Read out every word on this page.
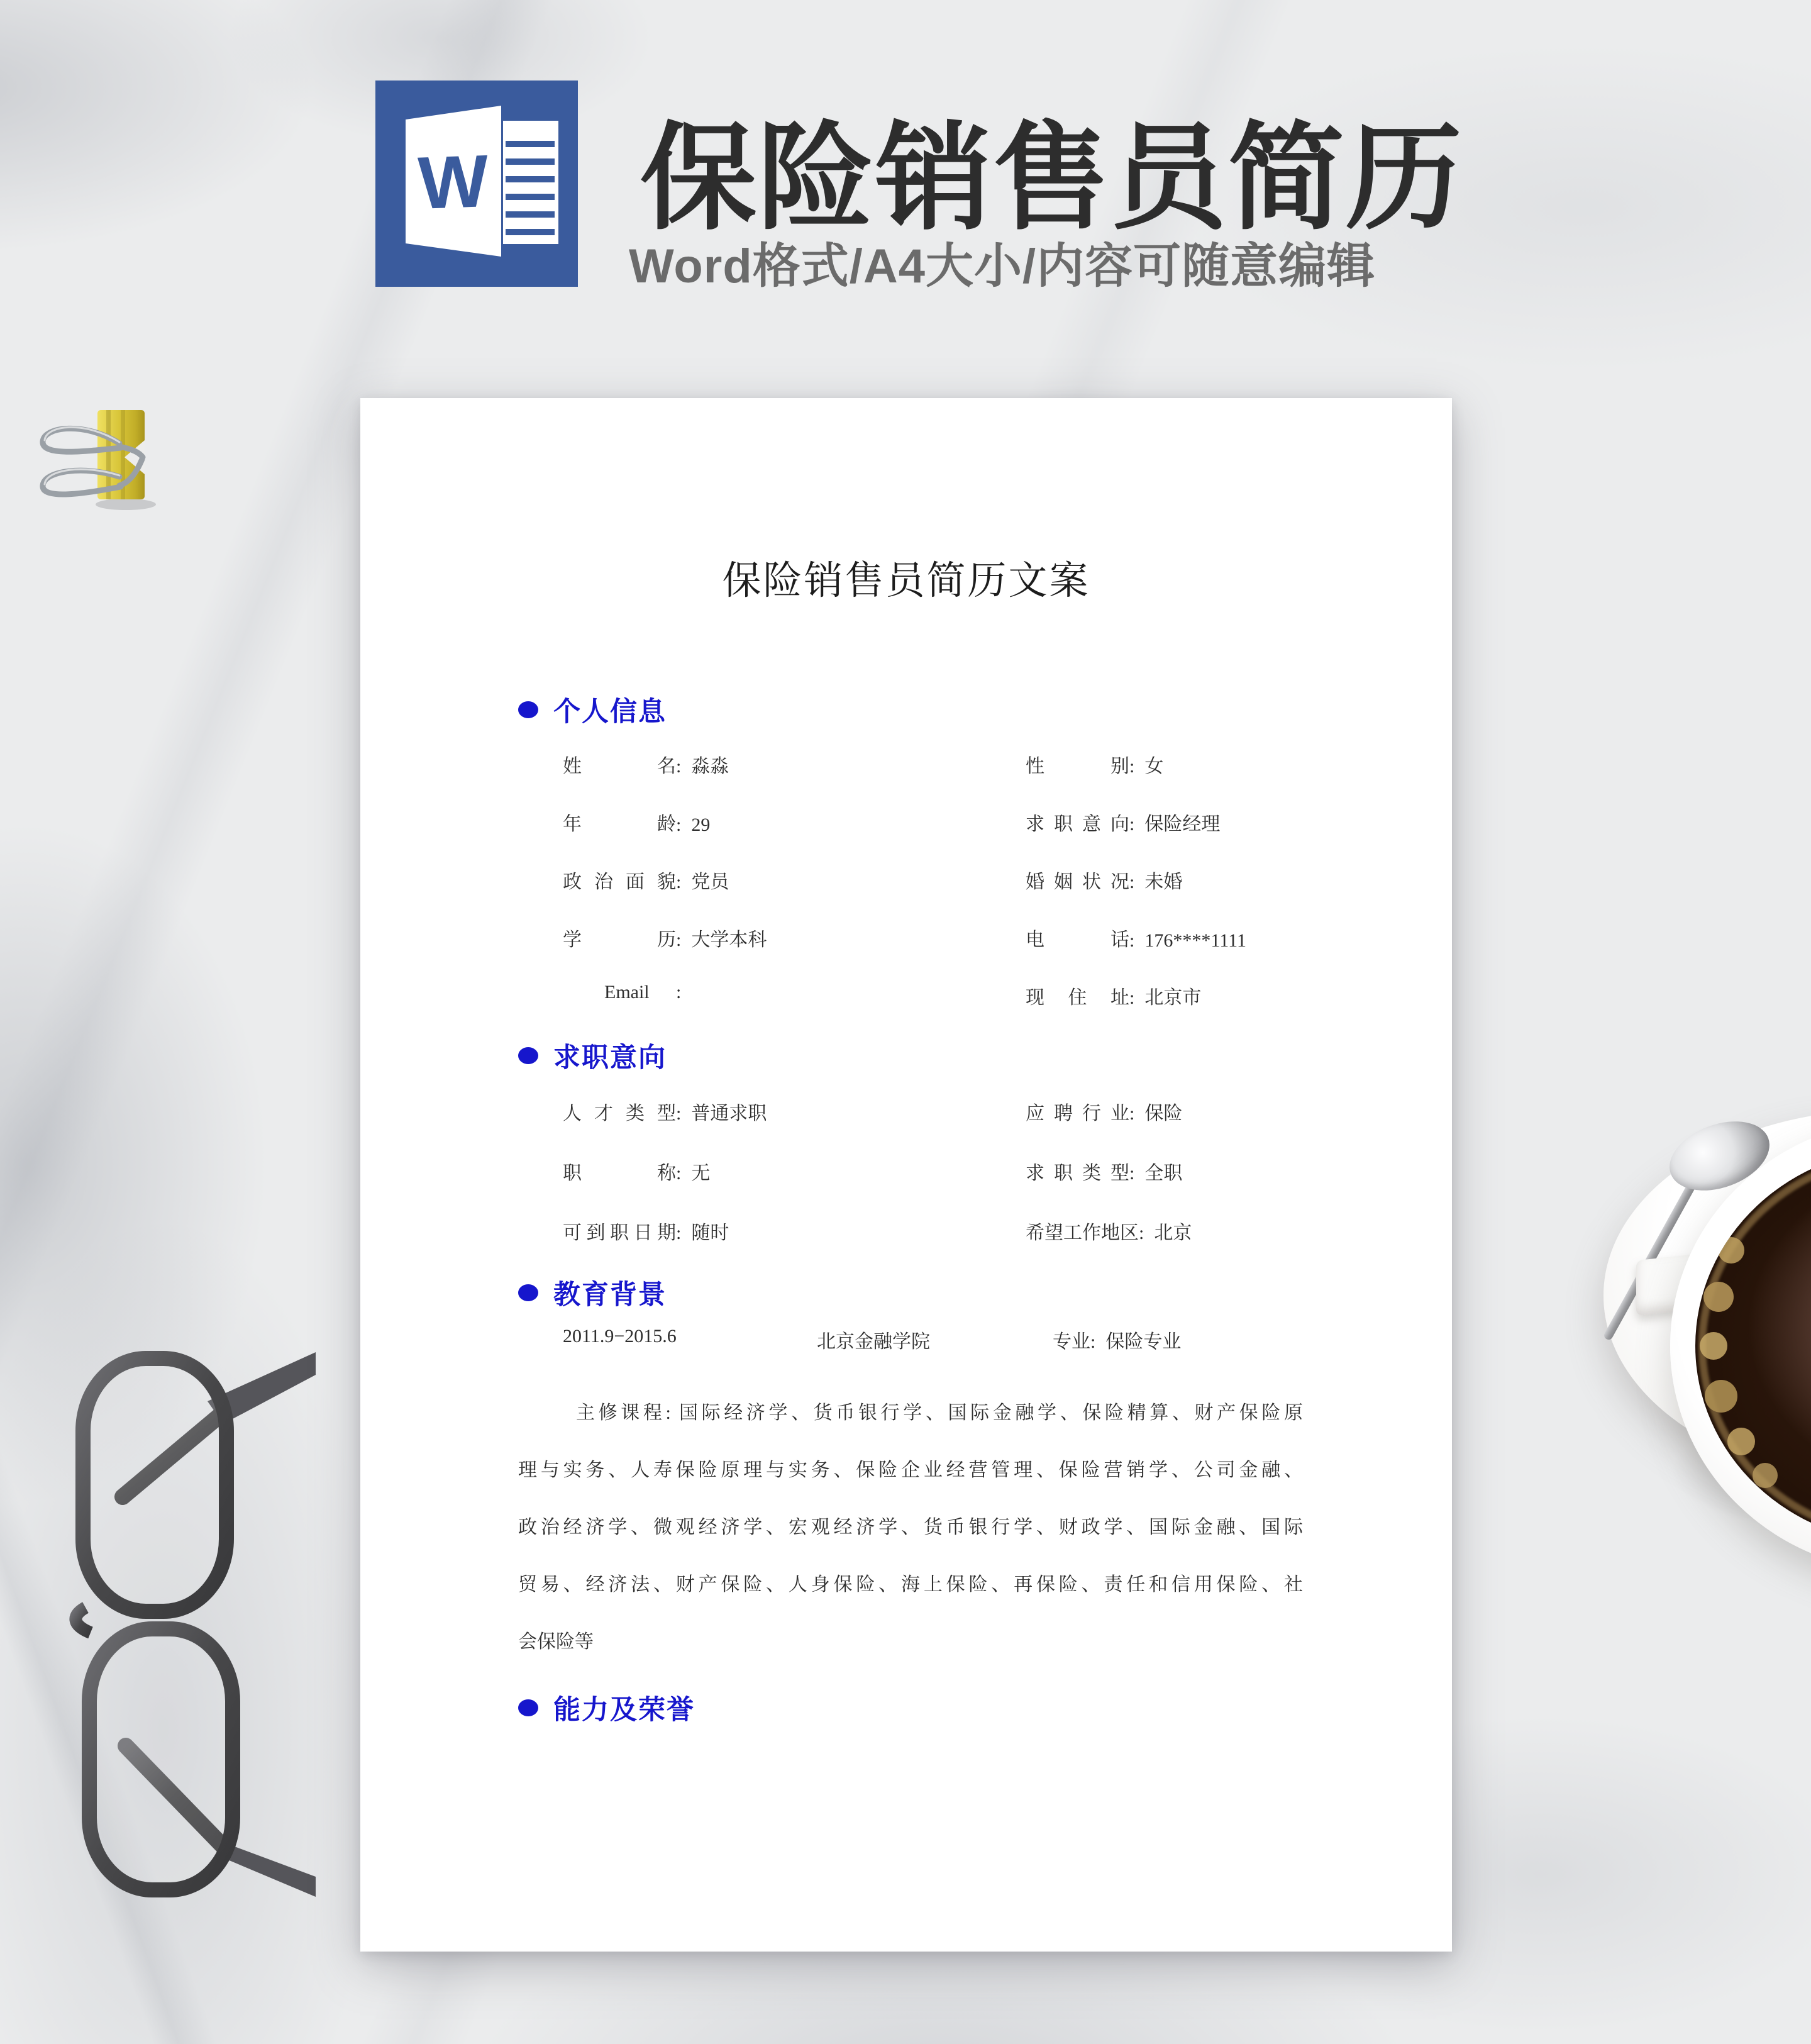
W 保险销售员简历
Word格式/A4大小/内容可随意编辑
保险销售员简历文案
个人信息
姓名 : 淼淼	性别 : 女
年龄 : 29	求职意向 : 保险经理
政治面貌 : 党员	婚姻状况 : 未婚
学历 : 大学本科	电话 : 176****1111
Email :	现住址 : 北京市
求职意向
人才类型 : 普通求职	应聘行业 : 保险
职称 : 无	求职类型 : 全职
可到职日期 : 随时	希望工作地区 : 北京
教育背景
2011.9−2015.6	北京金融学院	专业 : 保险专业
主修课程: 国际经济学、货币银行学、国际金融学、保险精算、财产保险原
理与实务、人寿保险原理与实务、保险企业经营管理、保险营销学、公司金融、
政治经济学、微观经济学、宏观经济学、货币银行学、财政学、国际金融、国际
贸易、经济法、财产保险、人身保险、海上保险、再保险、责任和信用保险、社
会保险等
能力及荣誉
